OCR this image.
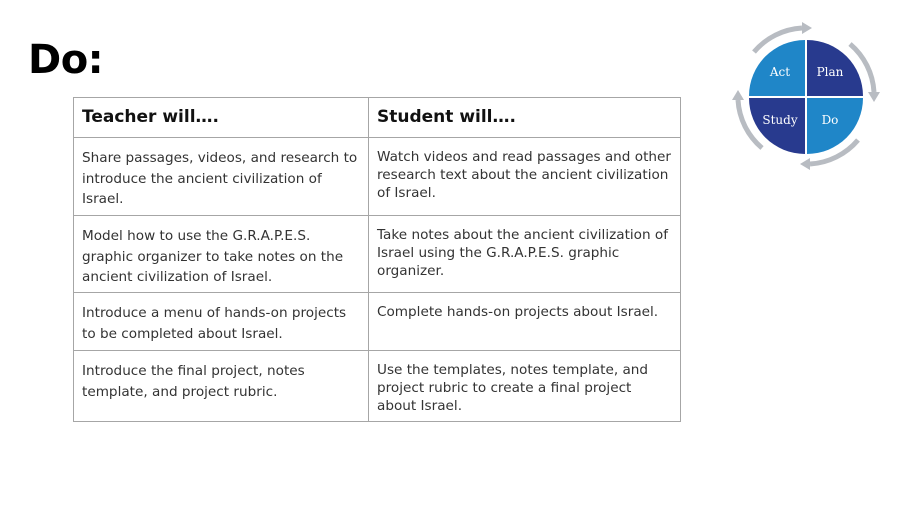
Do:
Teacher will….	Student will….
Share passages, videos, and research to introduce the ancient civilization of Israel.	Watch videos and read passages and other research text about the ancient civilization of Israel.
Model how to use the G.R.A.P.E.S. graphic organizer to take notes on the ancient civilization of Israel.	Take notes about the ancient civilization of Israel using the G.R.A.P.E.S. graphic organizer.
Introduce a menu of hands-on projects to be completed about Israel.	Complete hands-on projects about Israel.
Introduce the final project, notes template, and project rubric.	Use the templates, notes template, and project rubric to create a final project about Israel.
Act Plan
Study Do
